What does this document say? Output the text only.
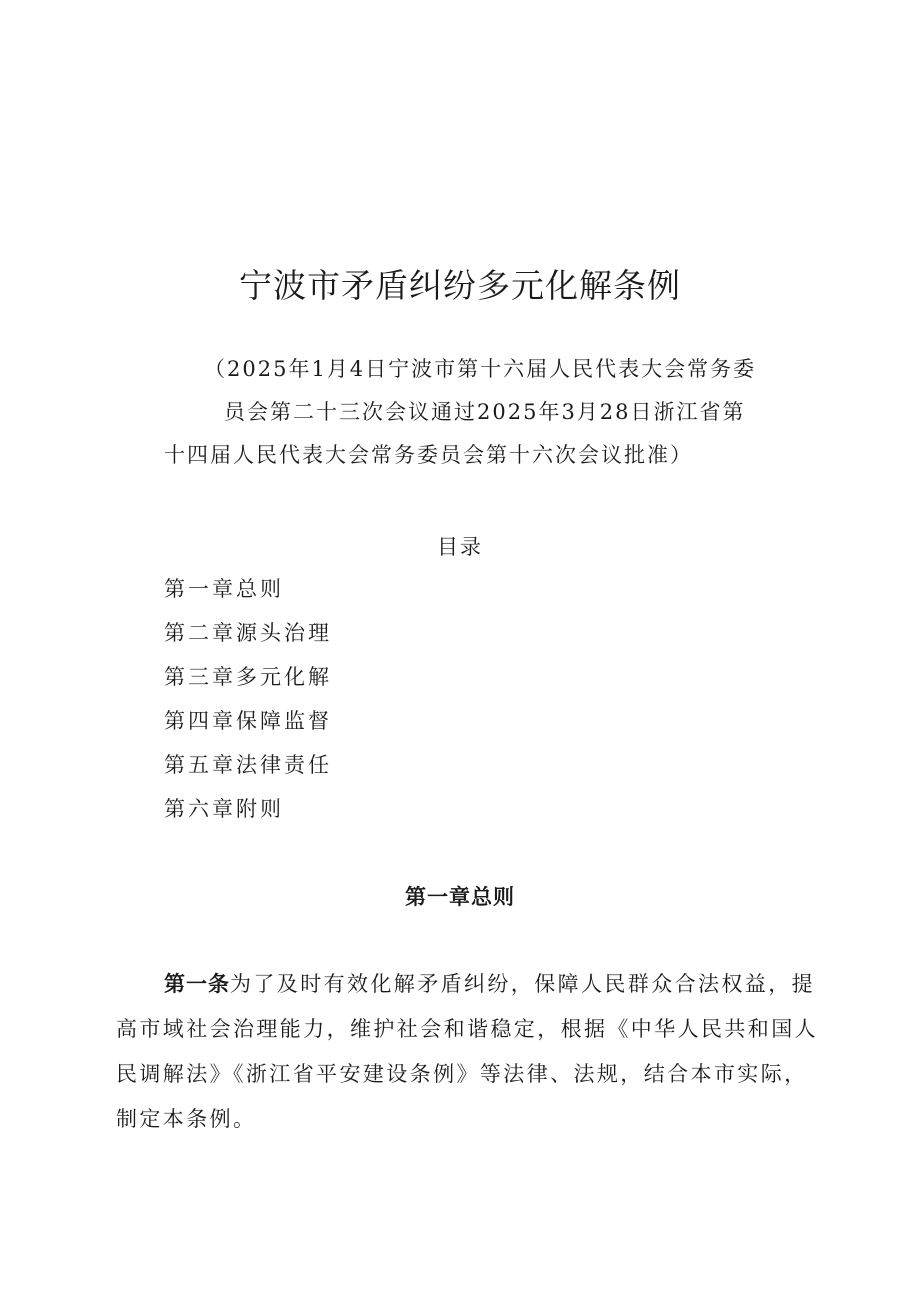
宁波市矛盾纠纷多元化解条例
（2025年1月4日宁波市第十六届人民代表大会常务委
员会第二十三次会议通过2025年3月28日浙江省第
十四届人民代表大会常务委员会第十六次会议批准）
目录
第一章总则
第二章源头治理
第三章多元化解
第四章保障监督
第五章法律责任
第六章附则
第一章总则
第一条为了及时有效化解矛盾纠纷，保障人民群众合法权益，提
高市域社会治理能力，维护社会和谐稳定，根据《中华人民共和国人
民调解法》《浙江省平安建设条例》等法律、法规，结合本市实际，
制定本条例。
